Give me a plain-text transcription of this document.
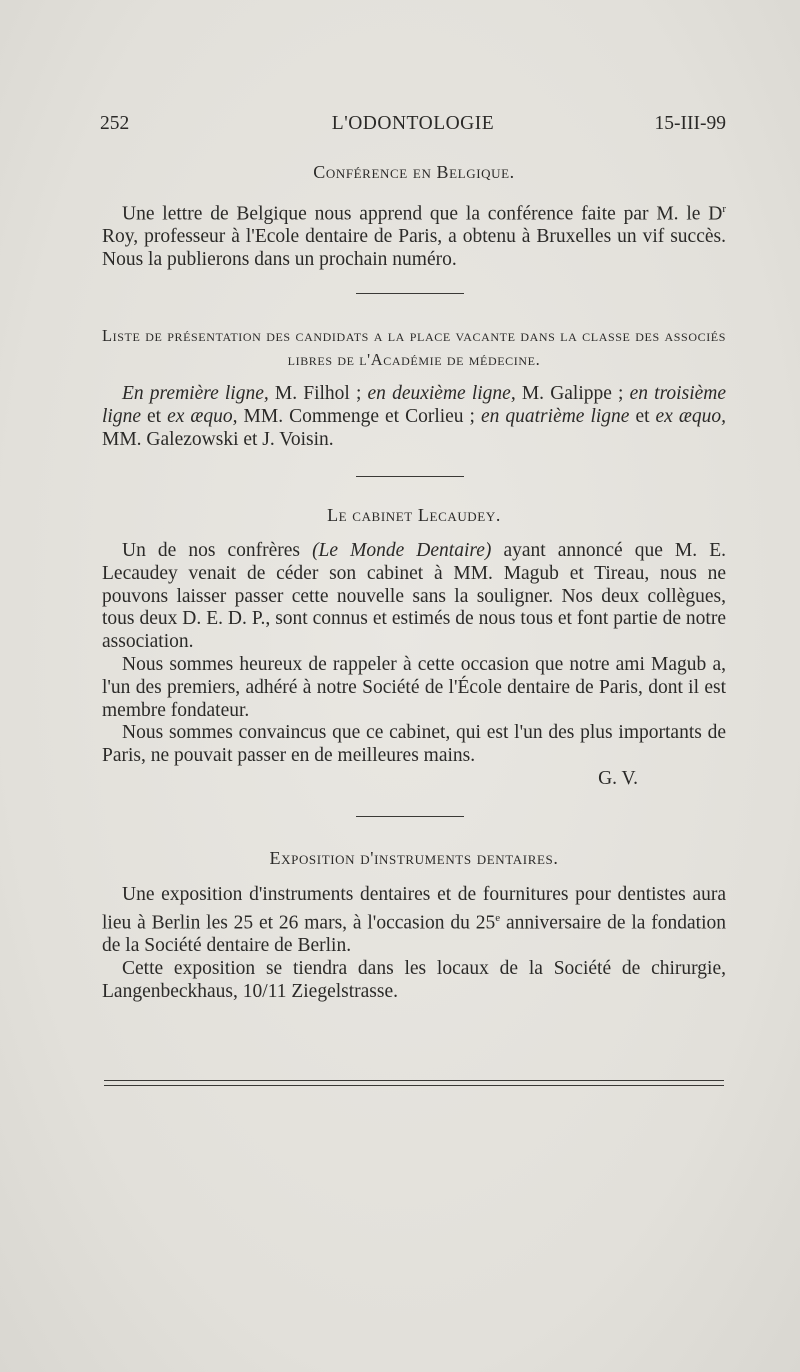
252	L'ODONTOLOGIE	15-III-99
Conférence en Belgique.

Une lettre de Belgique nous apprend que la conférence faite par M. le $D^r$ Roy, professeur à l'Ecole dentaire de Paris, a obtenu à Bruxelles un vif succès. Nous la publierons dans un prochain numéro.

Liste de présentation des candidats a la place vacante dans la classe des associés libres de l'Académie de médecine.

En première ligne, M. Filhol ; en deuxième ligne, M. Galippe ; en troisième ligne et ex æquo, MM. Commenge et Corlieu ; en quatrième ligne et ex æquo, MM. Galezowski et J. Voisin.

Le cabinet Lecaudey.

Un de nos confrères (Le Monde Dentaire) ayant annoncé que M. E. Lecaudey venait de céder son cabinet à MM. Magub et Tireau, nous ne pouvons laisser passer cette nouvelle sans la souligner. Nos deux collègues, tous deux D. E. D. P., sont connus et estimés de nous tous et font partie de notre association.

Nous sommes heureux de rappeler à cette occasion que notre ami Magub a, l'un des premiers, adhéré à notre Société de l'École dentaire de Paris, dont il est membre fondateur.

Nous sommes convaincus que ce cabinet, qui est l'un des plus importants de Paris, ne pouvait passer en de meilleures mains.

G. V.

Exposition d'instruments dentaires.

Une exposition d'instruments dentaires et de fournitures pour dentistes aura lieu à Berlin les 25 et 26 mars, à l'occasion du 25e anniversaire de la fondation de la Société dentaire de Berlin.

Cette exposition se tiendra dans les locaux de la Société de chirurgie, Langenbeckhaus, 10/11 Ziegelstrasse.
